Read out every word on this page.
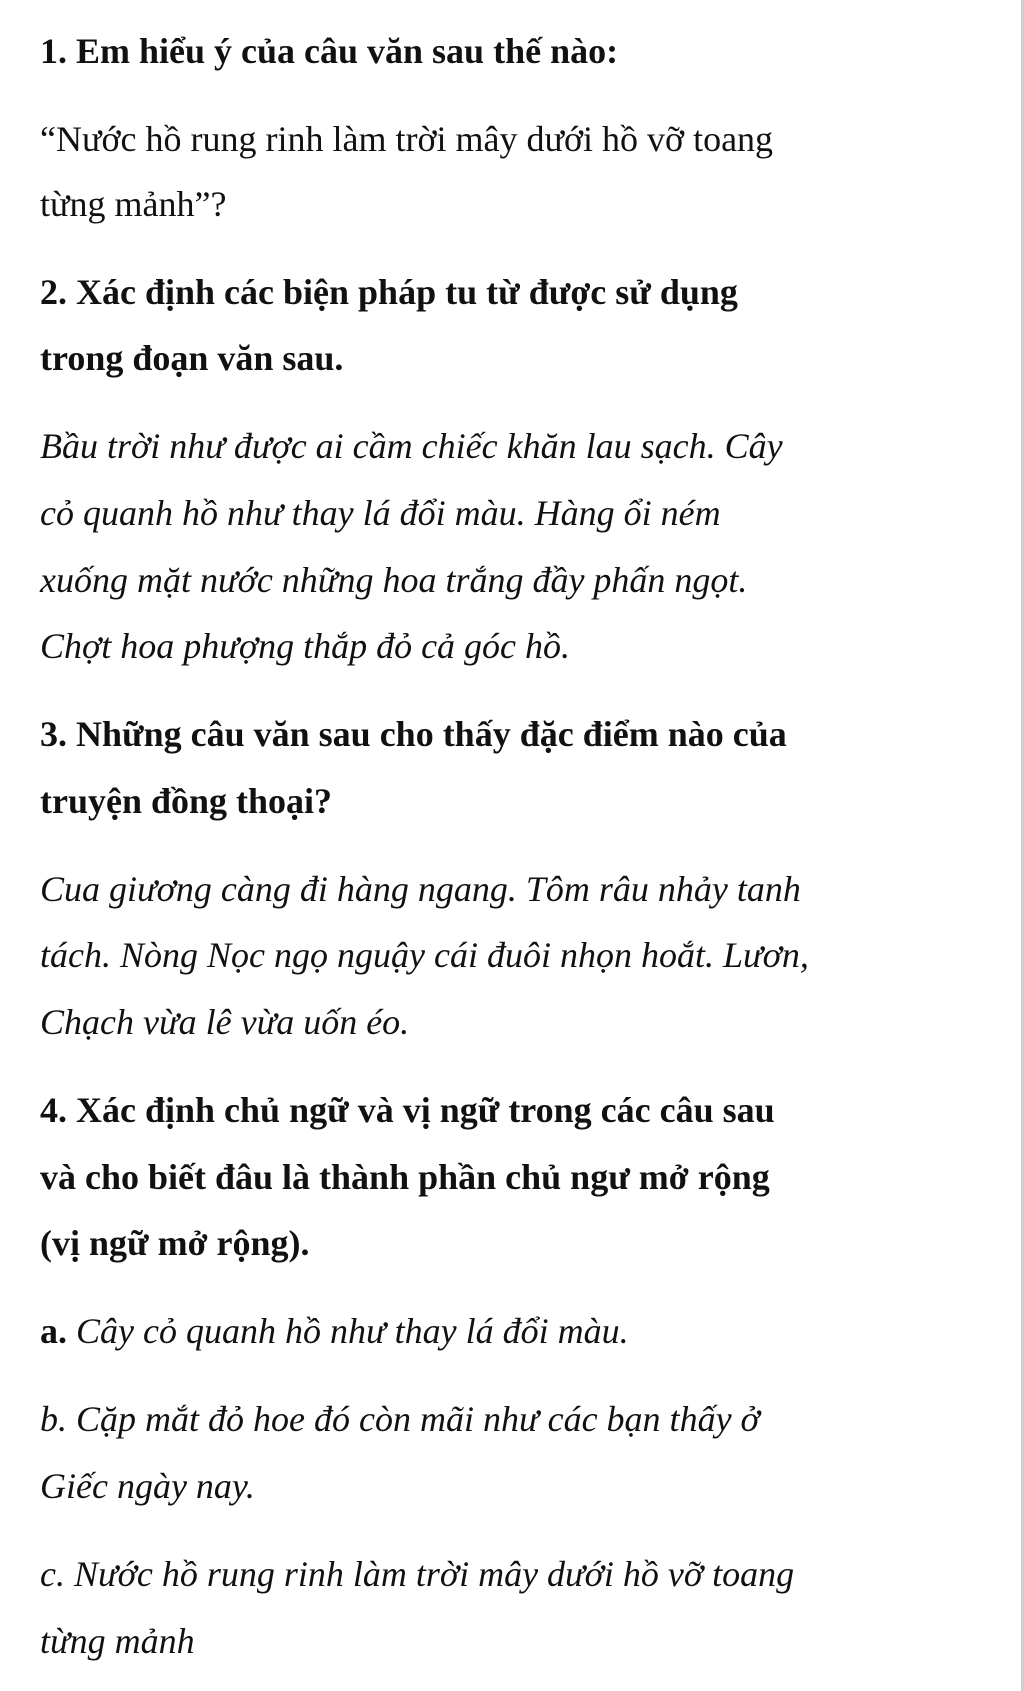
1. Em hiểu ý của câu văn sau thế nào:
“Nước hồ rung rinh làm trời mây dưới hồ vỡ toang
từng mảnh”?
2. Xác định các biện pháp tu từ được sử dụng
trong đoạn văn sau.
Bầu trời như được ai cầm chiếc khăn lau sạch. Cây
cỏ quanh hồ như thay lá đổi màu. Hàng ổi ném
xuống mặt nước những hoa trắng đầy phấn ngọt.
Chợt hoa phượng thắp đỏ cả góc hồ.
3. Những câu văn sau cho thấy đặc điểm nào của
truyện đồng thoại?
Cua giương càng đi hàng ngang. Tôm râu nhảy tanh
tách. Nòng Nọc ngọ nguậy cái đuôi nhọn hoắt. Lươn,
Chạch vừa lê vừa uốn éo.
4. Xác định chủ ngữ và vị ngữ trong các câu sau
và cho biết đâu là thành phần chủ ngư mở rộng
(vị ngữ mở rộng).
a. Cây cỏ quanh hồ như thay lá đổi màu.
b. Cặp mắt đỏ hoe đó còn mãi như các bạn thấy ở
Giếc ngày nay.
c. Nước hồ rung rinh làm trời mây dưới hồ vỡ toang
từng mảnh
